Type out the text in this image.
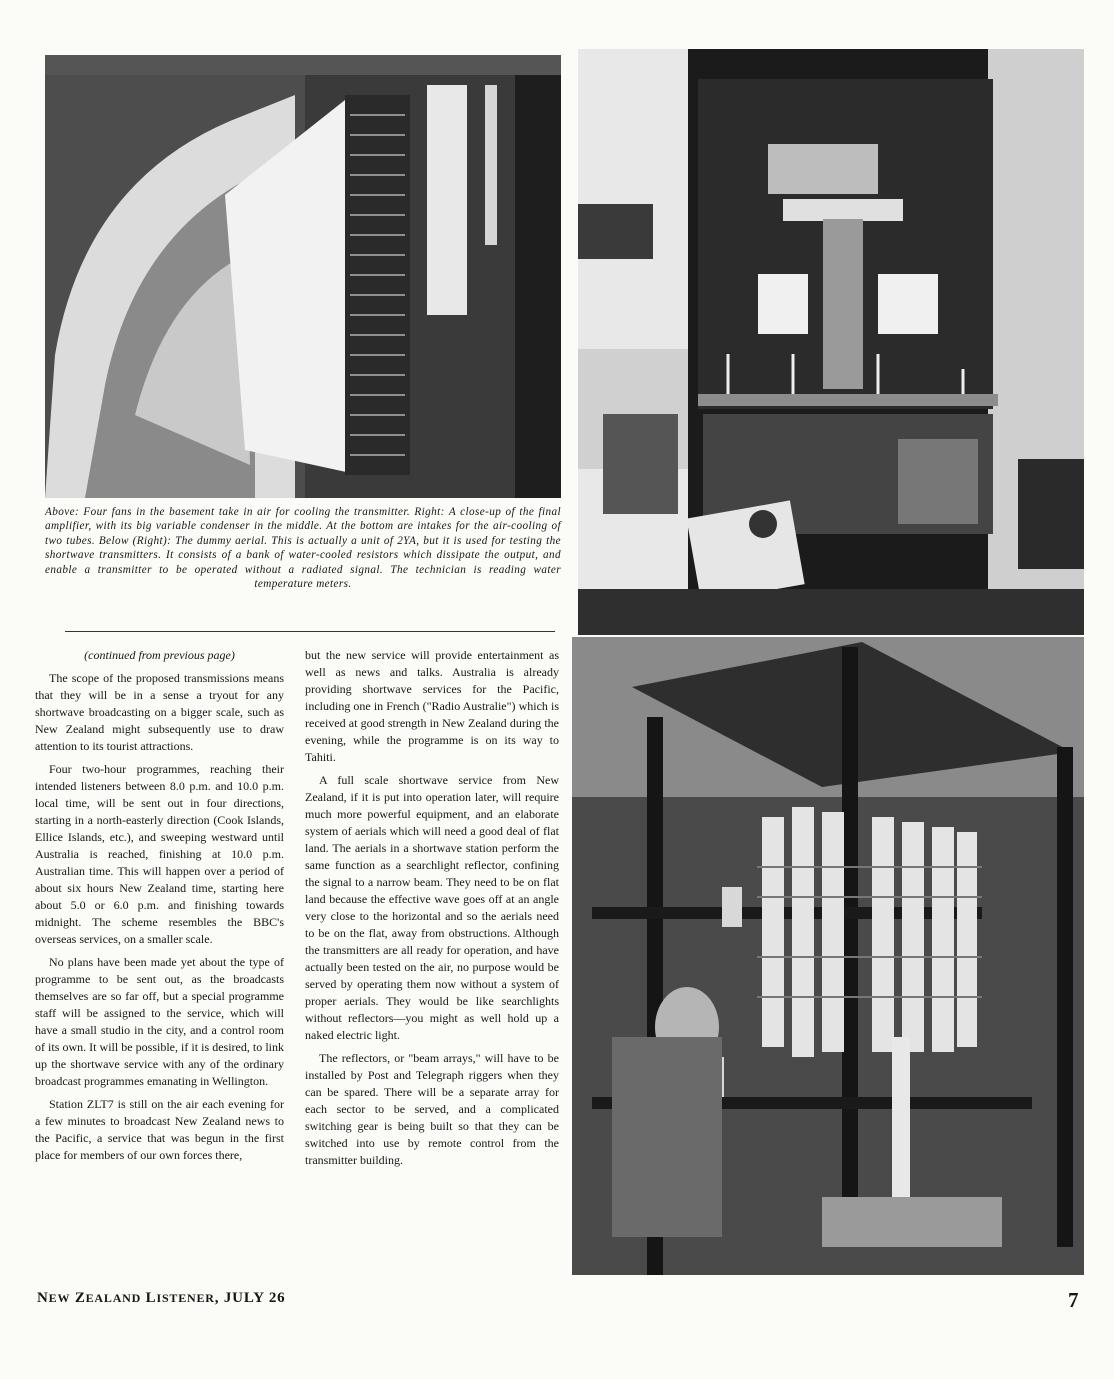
Above: Four fans in the basement take in air for cooling the transmitter. Right: A close-up of the final amplifier, with its big variable condenser in the middle. At the bottom are intakes for the air-cooling of two tubes. Below (Right): The dummy aerial. This is actually a unit of 2YA, but it is used for testing the shortwave transmitters. It consists of a bank of water-cooled resistors which dissipate the output, and enable a transmitter to be operated without a radiated signal. The technician is reading water temperature meters.

(continued from previous page)

The scope of the proposed transmissions means that they will be in a sense a tryout for any shortwave broadcasting on a bigger scale, such as New Zealand might subsequently use to draw attention to its tourist attractions.

Four two-hour programmes, reaching their intended listeners between 8.0 p.m. and 10.0 p.m. local time, will be sent out in four directions, starting in a north-easterly direction (Cook Islands, Ellice Islands, etc.), and sweeping westward until Australia is reached, finishing at 10.0 p.m. Australian time. This will happen over a period of about six hours New Zealand time, starting here about 5.0 or 6.0 p.m. and finishing towards midnight. The scheme resembles the BBC's overseas services, on a smaller scale.

No plans have been made yet about the type of programme to be sent out, as the broadcasts themselves are so far off, but a special programme staff will be assigned to the service, which will have a small studio in the city, and a control room of its own. It will be possible, if it is desired, to link up the shortwave service with any of the ordinary broadcast programmes emanating in Wellington.

Station ZLT7 is still on the air each evening for a few minutes to broadcast New Zealand news to the Pacific, a service that was begun in the first place for members of our own forces there,

but the new service will provide entertainment as well as news and talks. Australia is already providing shortwave services for the Pacific, including one in French ("Radio Australie") which is received at good strength in New Zealand during the evening, while the programme is on its way to Tahiti.

A full scale shortwave service from New Zealand, if it is put into operation later, will require much more powerful equipment, and an elaborate system of aerials which will need a good deal of flat land. The aerials in a shortwave station perform the same function as a searchlight reflector, confining the signal to a narrow beam. They need to be on flat land because the effective wave goes off at an angle very close to the horizontal and so the aerials need to be on the flat, away from obstructions. Although the transmitters are all ready for operation, and have actually been tested on the air, no purpose would be served by operating them now without a system of proper aerials. They would be like searchlights without reflectors—you might as well hold up a naked electric light.

The reflectors, or "beam arrays," will have to be installed by Post and Telegraph riggers when they can be spared. There will be a separate array for each sector to be served, and a complicated switching gear is being built so that they can be switched into use by remote control from the transmitter building.

NEW ZEALAND LISTENER, JULY 26	7
